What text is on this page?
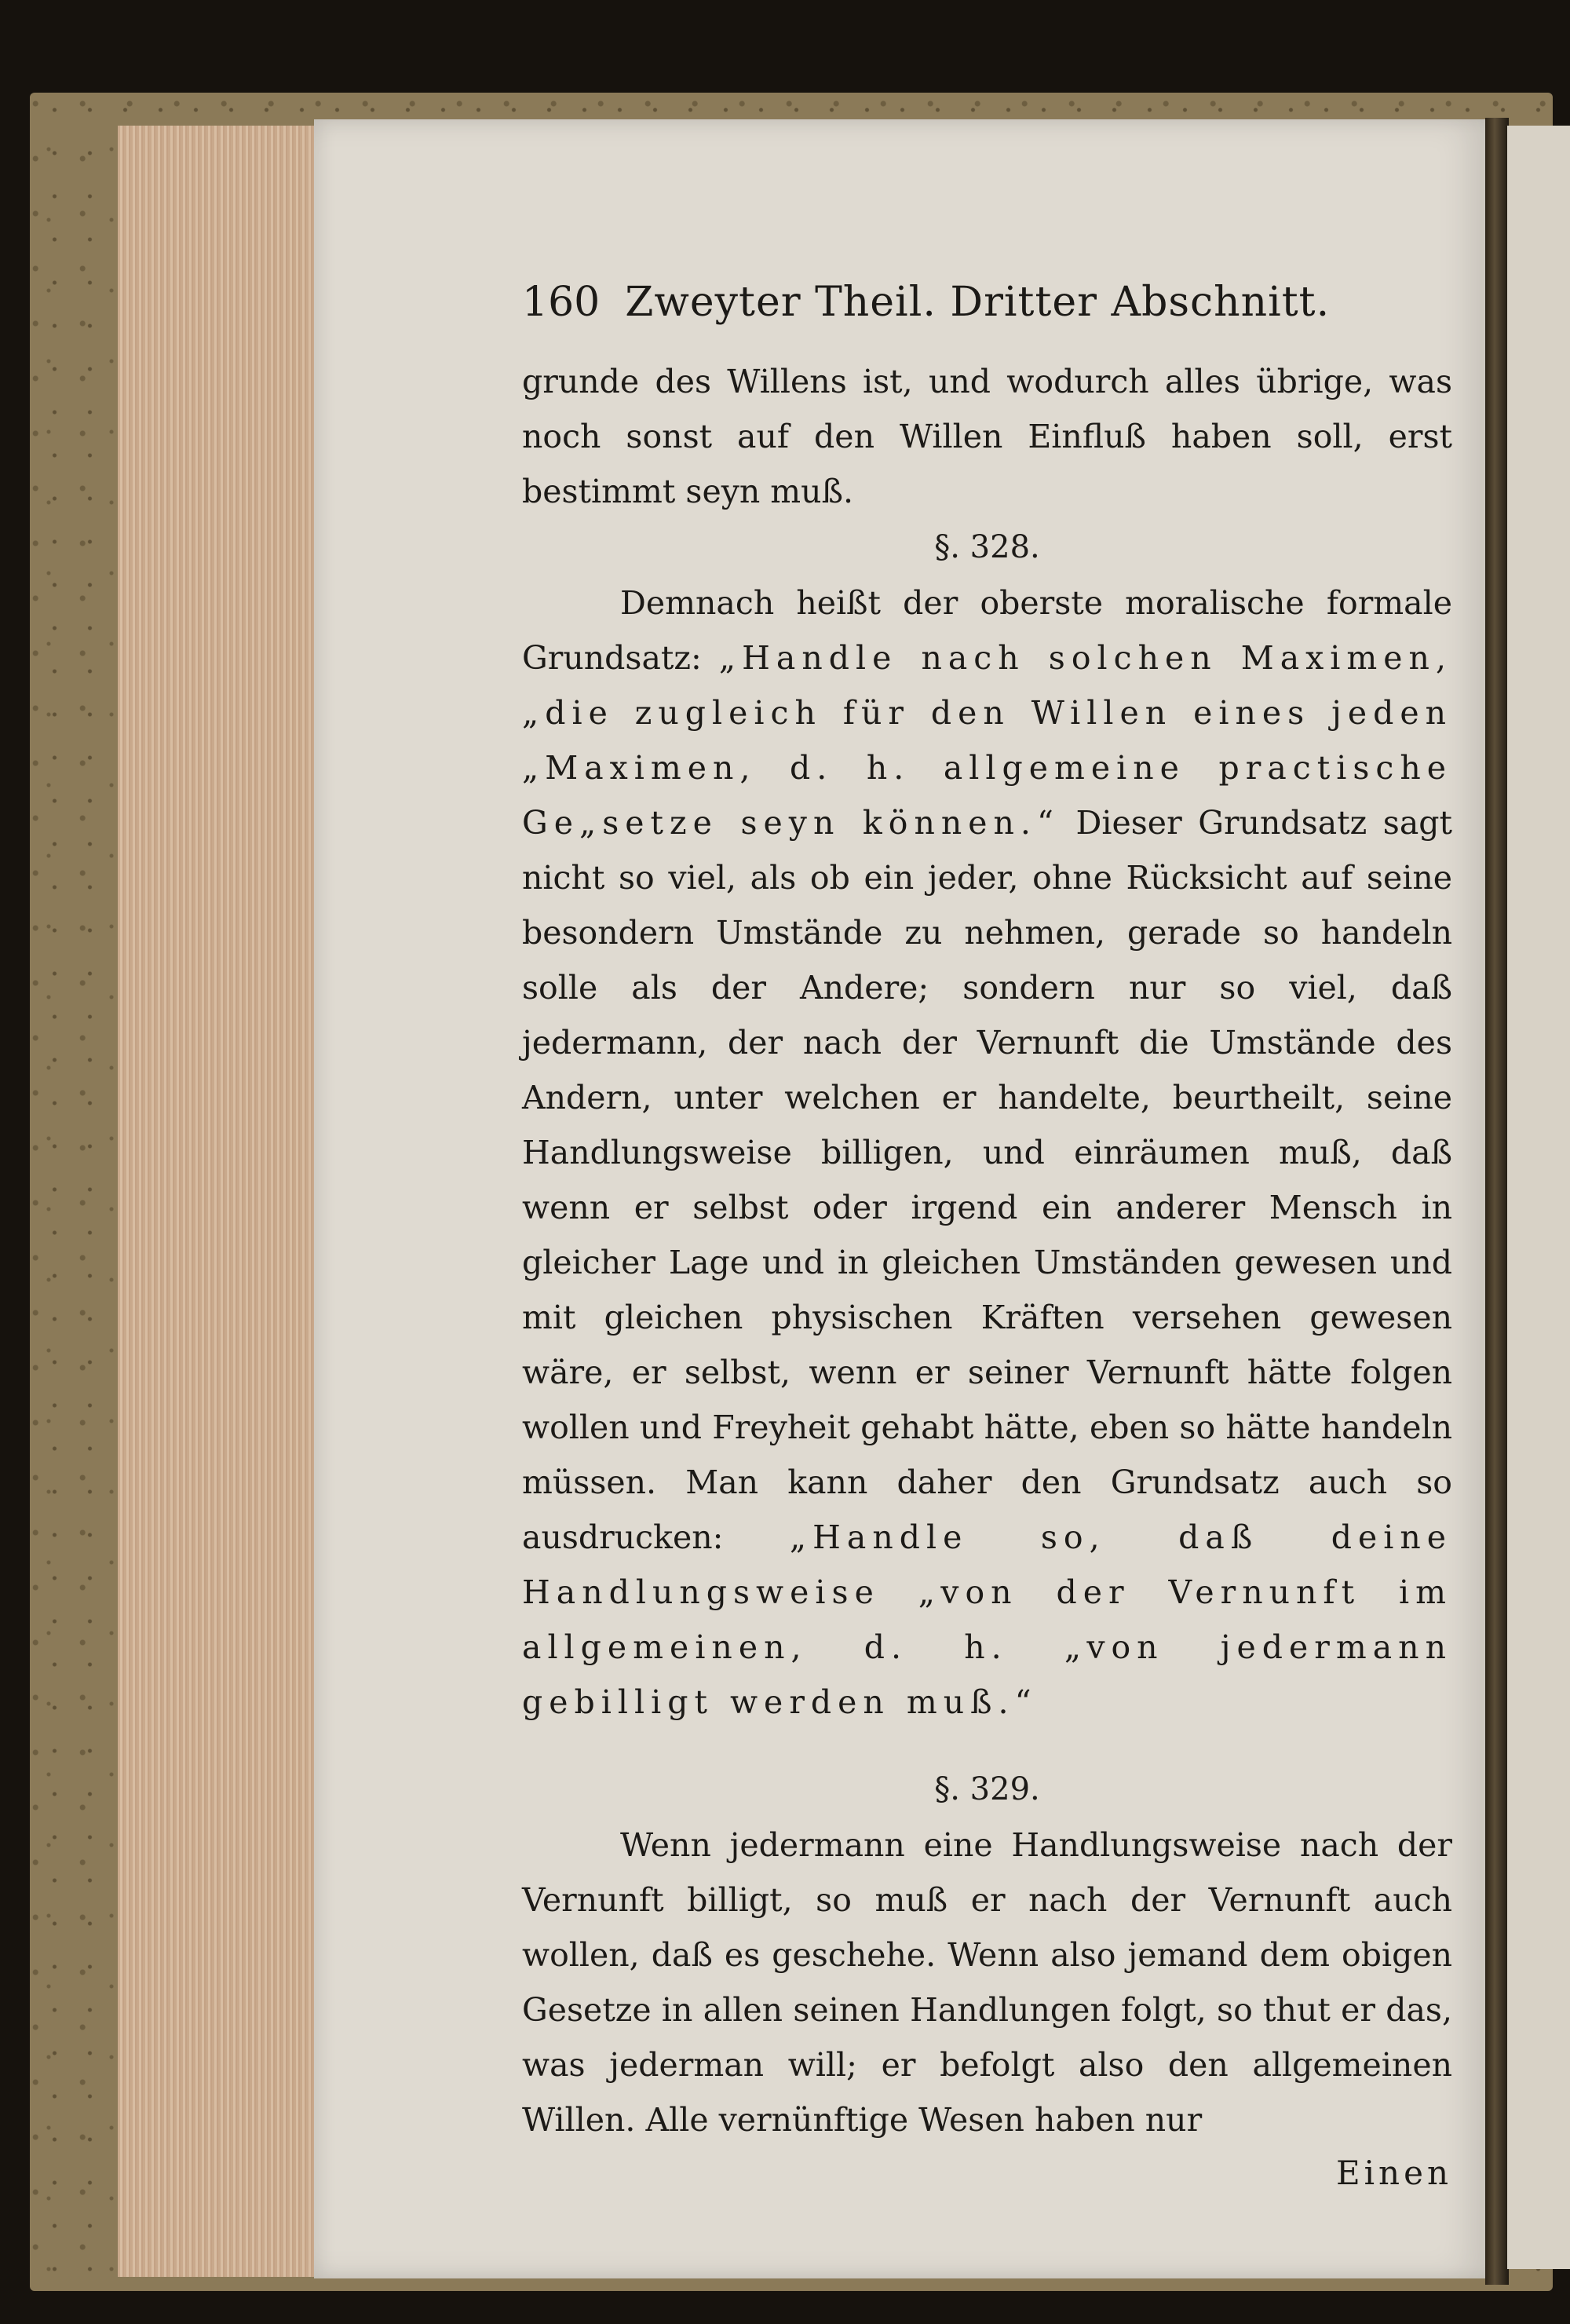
160 Zweyter Theil. Dritter Abschnitt.

grunde des Willens ist, und wodurch alles übrige, was noch sonst auf den Willen Einfluß haben soll, erst bestimmt seyn muß.

§. 328.

Demnach heißt der oberste moralische formale Grundsatz: „Handle nach solchen Maximen, „die zugleich für den Willen eines jeden „Maximen, d. h. allgemeine practische Ge„setze seyn können.“ Dieser Grundsatz sagt nicht so viel, als ob ein jeder, ohne Rücksicht auf seine besondern Umstände zu nehmen, gerade so handeln solle als der Andere; sondern nur so viel, daß jedermann, der nach der Vernunft die Umstände des Andern, unter welchen er handelte, beurtheilt, seine Handlungsweise billigen, und einräumen muß, daß wenn er selbst oder irgend ein anderer Mensch in gleicher Lage und in gleichen Umständen gewesen und mit gleichen physischen Kräften versehen gewesen wäre, er selbst, wenn er seiner Vernunft hätte folgen wollen und Freyheit gehabt hätte, eben so hätte handeln müssen. Man kann daher den Grundsatz auch so ausdrucken: „Handle so, daß deine Handlungsweise „von der Vernunft im allgemeinen, d. h. „von jedermann gebilligt werden muß.“

§. 329.

Wenn jedermann eine Handlungsweise nach der Vernunft billigt, so muß er nach der Vernunft auch wollen, daß es geschehe. Wenn also jemand dem obigen Gesetze in allen seinen Handlungen folgt, so thut er das, was jederman will; er befolgt also den allgemeinen Willen. Alle vernünftige Wesen haben nur

Einen
